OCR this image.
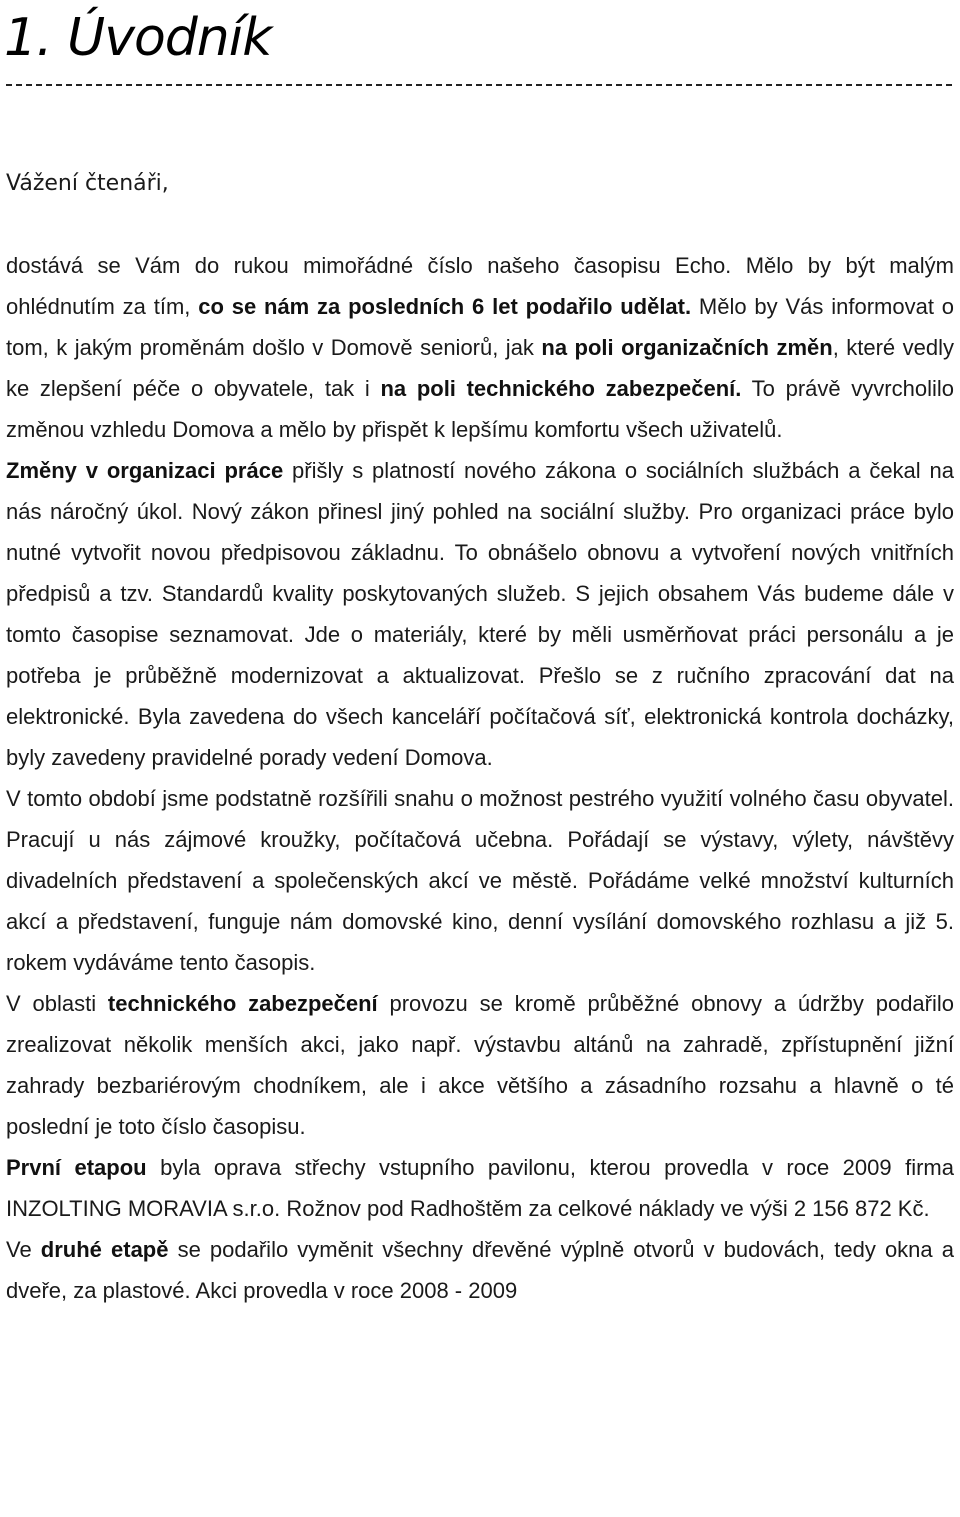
1. Úvodník

Vážení čtenáři,

dostává se Vám do rukou mimořádné číslo našeho časopisu Echo. Mělo by být malým ohlédnutím za tím, co se nám za posledních 6 let podařilo udělat. Mělo by Vás informovat o tom, k jakým proměnám došlo v Domově seniorů, jak na poli organizačních změn, které vedly ke zlepšení péče o obyvatele, tak i na poli technického zabezpečení. To právě vyvrcholilo změnou vzhledu Domova a mělo by přispět k lepšímu komfortu všech uživatelů.

Změny v organizaci práce přišly s platností nového zákona o sociálních službách a čekal na nás náročný úkol. Nový zákon přinesl jiný pohled na sociální služby. Pro organizaci práce bylo nutné vytvořit novou předpisovou základnu. To obnášelo obnovu a vytvoření nových vnitřních předpisů a tzv. Standardů kvality poskytovaných služeb. S jejich obsahem Vás budeme dále v tomto časopise seznamovat. Jde o materiály, které by měli usměrňovat práci personálu a je potřeba je průběžně modernizovat a aktualizovat. Přešlo se z ručního zpracování dat na elektronické. Byla zavedena do všech kanceláří počítačová síť, elektronická kontrola docházky, byly zavedeny pravidelné porady vedení Domova.

V tomto období jsme podstatně rozšířili snahu o možnost pestrého využití volného času obyvatel. Pracují u nás zájmové kroužky, počítačová učebna. Pořádají se výstavy, výlety, návštěvy divadelních představení a společenských akcí ve městě. Pořádáme velké množství kulturních akcí a představení, funguje nám domovské kino, denní vysílání domovského rozhlasu a již 5. rokem vydáváme tento časopis.

V oblasti technického zabezpečení provozu se kromě průběžné obnovy a údržby podařilo zrealizovat několik menších akci, jako např. výstavbu altánů na zahradě, zpřístupnění jižní zahrady bezbariérovým chodníkem, ale i akce většího a zásadního rozsahu a hlavně o té poslední je toto číslo časopisu.

První etapou byla oprava střechy vstupního pavilonu, kterou provedla v roce 2009 firma INZOLTING MORAVIA s.r.o. Rožnov pod Radhoštěm za celkové náklady ve výši 2 156 872 Kč.

Ve druhé etapě se podařilo vyměnit všechny dřevěné výplně otvorů v budovách, tedy okna a dveře, za plastové. Akci provedla v roce 2008 - 2009
